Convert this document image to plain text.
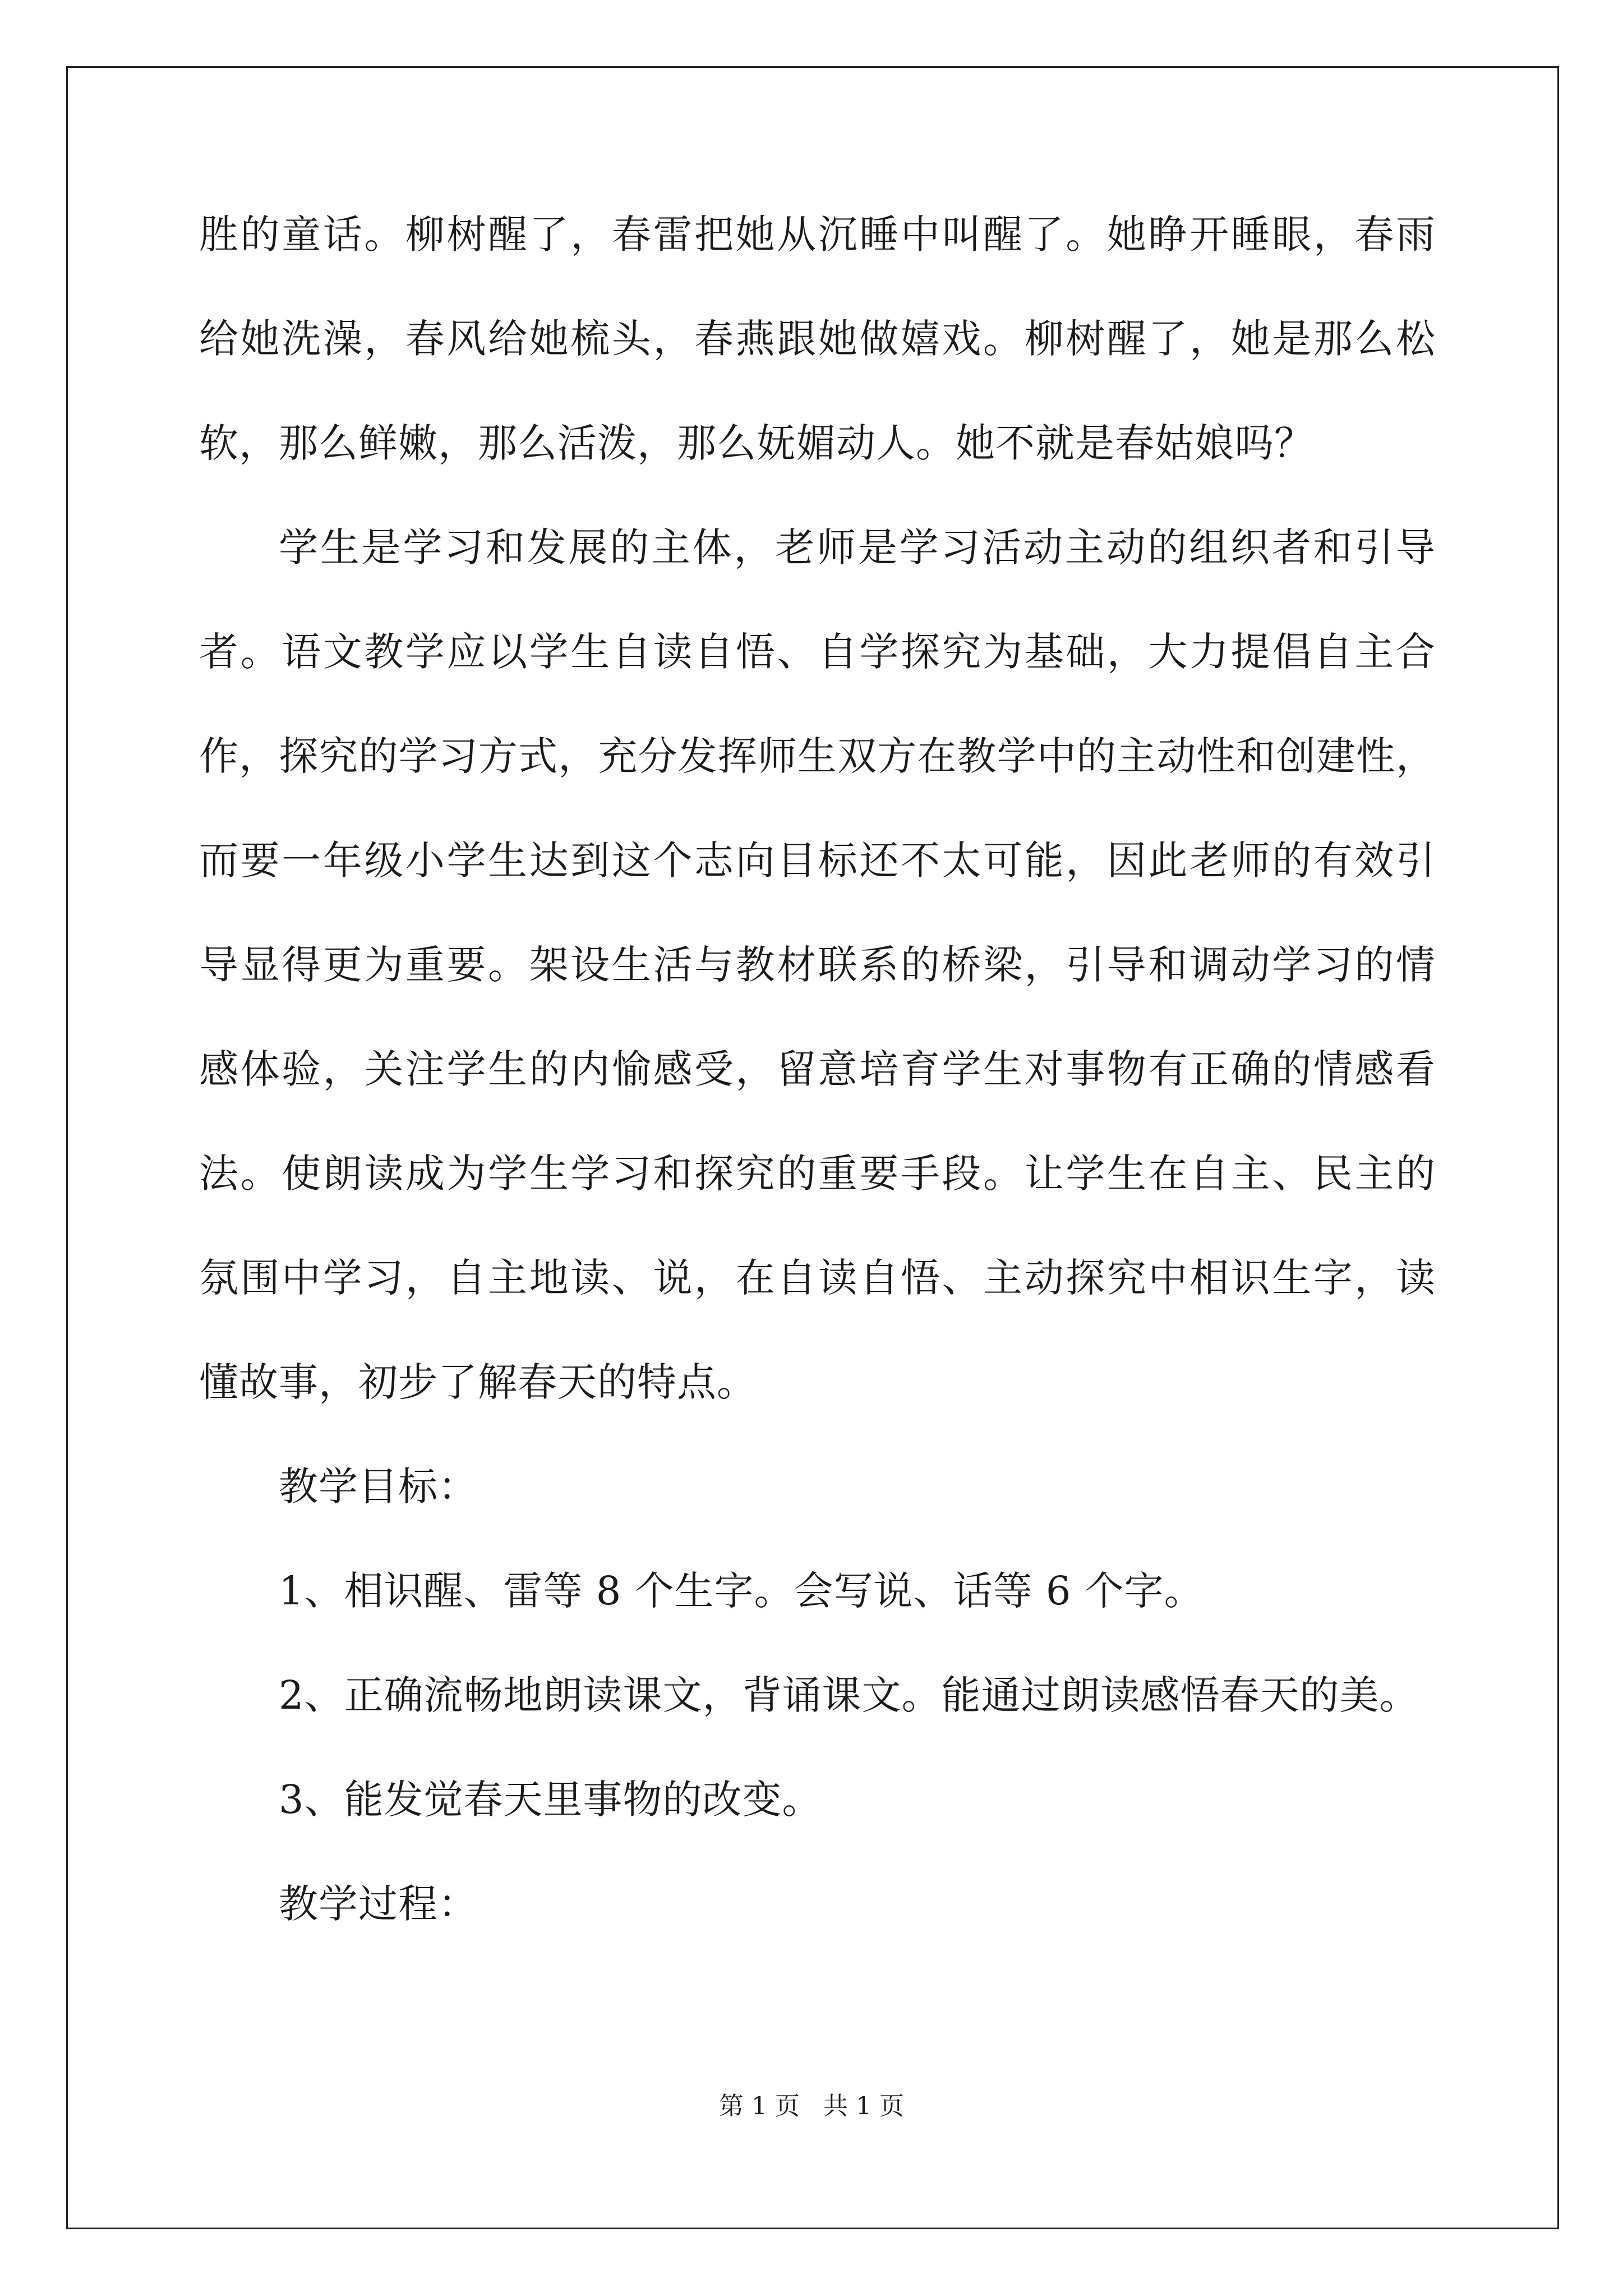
胜的童话。柳树醒了，春雷把她从沉睡中叫醒了。她睁开睡眼，春雨
给她洗澡，春风给她梳头，春燕跟她做嬉戏。柳树醒了，她是那么松
软，那么鲜嫩，那么活泼，那么妩媚动人。她不就是春姑娘吗？
学生是学习和发展的主体，老师是学习活动主动的组织者和引导
者。语文教学应以学生自读自悟、自学探究为基础，大力提倡自主合
作，探究的学习方式，充分发挥师生双方在教学中的主动性和创建性，
而要一年级小学生达到这个志向目标还不太可能，因此老师的有效引
导显得更为重要。架设生活与教材联系的桥梁，引导和调动学习的情
感体验，关注学生的内愉感受，留意培育学生对事物有正确的情感看
法。使朗读成为学生学习和探究的重要手段。让学生在自主、民主的
氛围中学习，自主地读、说，在自读自悟、主动探究中相识生字，读
懂故事，初步了解春天的特点。
教学目标：
1、相识醒、雷等 8 个生字。会写说、话等 6 个字。
2、正确流畅地朗读课文，背诵课文。能通过朗读感悟春天的美。
3、能发觉春天里事物的改变。
教学过程：
第 1 页   共 1 页
